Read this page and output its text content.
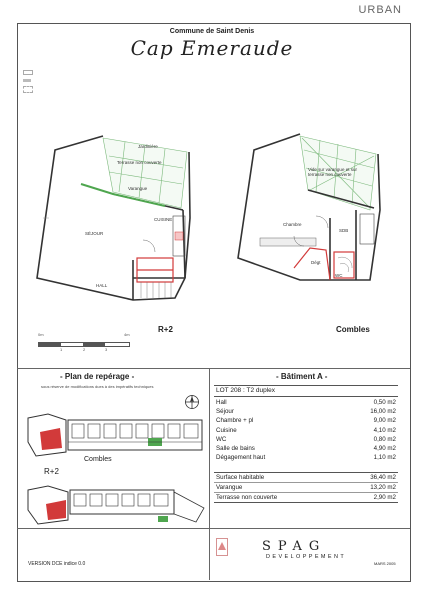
URBAN
Commune de Saint Denis
Cap Emeraude

Jardinière
Terrasse non couverte
Varangue
SÉJOUR
CUISINE
HALL
Vide sur varangue et sur terrasse non couverte
Chambre
SDB
Dégt
WC
R+2	Combles
0m
1	2	3
4m
- Plan de repérage -
sous réserve de modifications dues à des impératifs techniques
R+2
Combles
- Bâtiment A -
LOT 208 : T2 duplex
Hall	0,50 m2
Séjour	16,00 m2
Chambre + pl	9,00 m2
Cuisine	4,10 m2
WC	0,80 m2
Salle de bains	4,90 m2
Dégagement haut	1,10 m2

Surface habitable	36,40 m2
Varangue	13,20 m2
Terrasse non couverte	2,90 m2
VERSION DCE indice 0.0
SPAG
DEVELOPPEMENT
MARS 2005
